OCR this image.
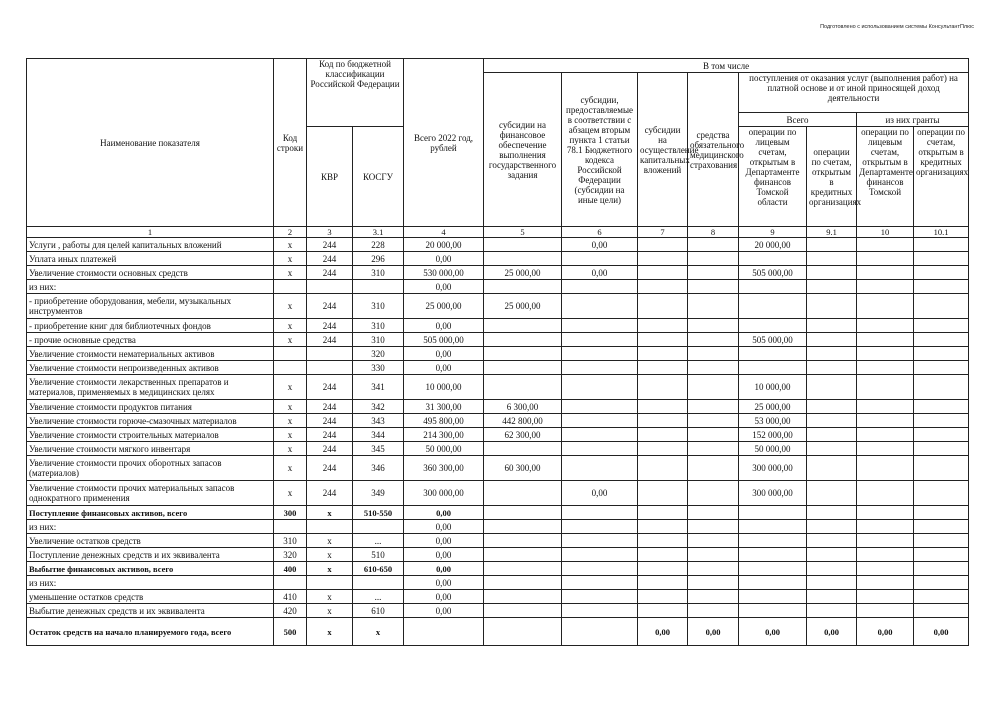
Подготовлено с использованием системы КонсультантПлюс
Наименование показателя	Код строки	Код по бюджетной классификации Российской Федерации		Всего 2022 год, рублей	В том числе							
					субсидии на финансовое обеспечение выполнения государственного задания	субсидии, предоставляемые в соответствии с абзацем вторым пункта 1 статьи 78.1 Бюджетного кодекса Российской Федерации (субсидии на иные цели)	субсидии на осуществление капитальных вложений	средства обязательного медицинского страхования	поступления от оказания услуг (выполнения работ) на платной основе и от иной приносящей доход деятельности			
									Всего		из них гранты	
		КВР	КОСГУ						операции по лицевым счетам, открытым в Департаменте финансов Томской области	операции по счетам, открытым в кредитных организациях	операции по лицевым счетам, открытым в Департаменте финансов Томской	операции по счетам, открытым в кредитных организациях
1	2	3	3.1	4	5	6	7	8	9	9.1	10	10.1
Услуги , работы для целей капитальных вложений	x	244	228	20 000,00		0,00			20 000,00			
Уплата иных платежей	x	244	296	0,00								
Увеличение стоимости основных средств	x	244	310	530 000,00	25 000,00	0,00			505 000,00			
из них:				0,00								
- приобретение оборудования, мебели, музыкальных инструментов	x	244	310	25 000,00	25 000,00							
- приобретение книг для библиотечных фондов	x	244	310	0,00								
- прочие основные средства	x	244	310	505 000,00					505 000,00			
Увеличение стоимости нематериальных активов			320	0,00								
Увеличение стоимости непроизведенных активов			330	0,00								
Увеличение стоимости лекарственных препаратов и материалов, применяемых в медицинских целях	x	244	341	10 000,00					10 000,00			
Увеличение стоимости продуктов питания	x	244	342	31 300,00	6 300,00				25 000,00			
Увеличение стоимости горюче-смазочных материалов	x	244	343	495 800,00	442 800,00				53 000,00			
Увеличение стоимости строительных материалов	x	244	344	214 300,00	62 300,00				152 000,00			
Увеличение стоимости мягкого инвентаря	x	244	345	50 000,00					50 000,00			
Увеличение стоимости прочих оборотных запасов (материалов)	x	244	346	360 300,00	60 300,00				300 000,00			
Увеличение стоимости прочих материальных запасов однократного применения	x	244	349	300 000,00		0,00			300 000,00			
Поступление финансовых активов, всего	300	x	510-550	0,00								
из них:				0,00								
Увеличение остатков средств	310	x	...	0,00								
Поступление денежных средств и их эквивалента	320	x	510	0,00								
Выбытие финансовых активов, всего	400	x	610-650	0,00								
из них:				0,00								
уменьшение остатков средств	410	x	...	0,00								
Выбытие денежных средств и их эквивалента	420	x	610	0,00								
Остаток средств на начало планируемого года, всего	500	x	x				0,00	0,00	0,00	0,00	0,00	0,00
